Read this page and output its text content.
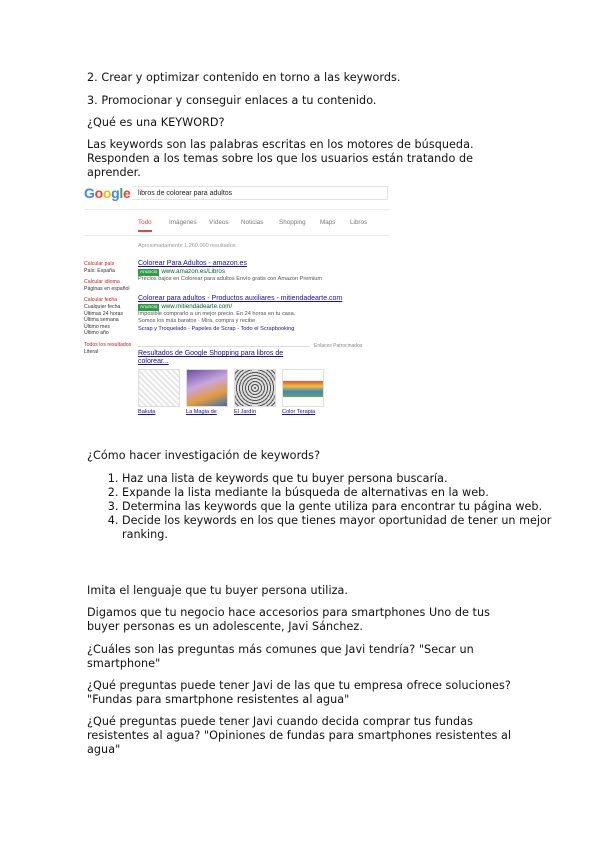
2. Crear y optimizar contenido en torno a las keywords.

3. Promocionar y conseguir enlaces a tu contenido.

¿Qué es una KEYWORD?

Las keywords son las palabras escritas en los motores de búsqueda. Responden a los temas sobre los que los usuarios están tratando de aprender.

Google	libros de colorear para adultos
Todo	Imágenes Vídeos Noticias Shopping Maps Libros
Aproximadamente 1.260.000 resultados
Calcular país
País: España
Calcular idioma
Páginas en español
Calcular fecha
Cualquier fecha
Últimas 24 horas
Última semana
Último mes
Último año
Todos los resultados
Literal
Colorear Para Adultos - amazon.es
Anuncio www.amazon.es/Libros
Precios bajos en Colorear para adultos Envío gratis con Amazon Premium
Colorear para adultos - Productos auxiliares - mitiendadearte.com
Anuncio www.mitiendadearte.com/
Imposible comprarlo a un mejor precio. En 24 horas en tu casa.
Somos los más baratos · Mira, compra y recibe
Scrap y Troquelado - Papeles de Scrap - Todo el Scrapbooking
Enlaces Patrocinados
Resultados de Google Shopping para libros de colorear...
Bakuta	La Magia de	El Jardín	Color Terapia

¿Cómo hacer investigación de keywords?

1. Haz una lista de keywords que tu buyer persona buscaría.
2. Expande la lista mediante la búsqueda de alternativas en la web.
3. Determina las keywords que la gente utiliza para encontrar tu página web.
4. Decide los keywords en los que tienes mayor oportunidad de tener un mejor ranking.

Imita el lenguaje que tu buyer persona utiliza.

Digamos que tu negocio hace accesorios para smartphones Uno de tus buyer personas es un adolescente, Javi Sánchez.

¿Cuáles son las preguntas más comunes que Javi tendría? "Secar un smartphone"

¿Qué preguntas puede tener Javi de las que tu empresa ofrece soluciones? "Fundas para smartphone resistentes al agua"

¿Qué preguntas puede tener Javi cuando decida comprar tus fundas resistentes al agua? "Opiniones de fundas para smartphones resistentes al agua"
